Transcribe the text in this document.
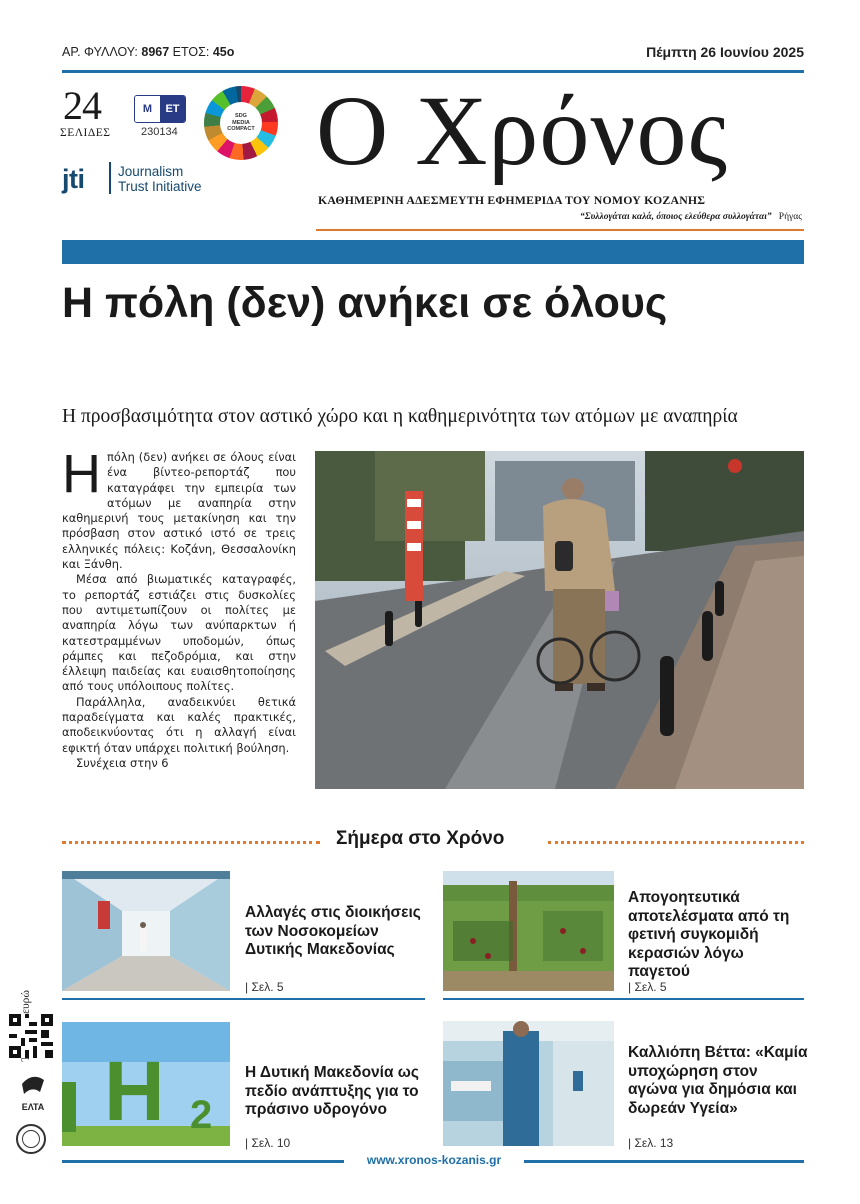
ΑΡ. ΦΥΛΛΟΥ: 8967 ΕΤΟΣ: 45ο	Πέμπτη 26 Ιουνίου 2025
24
ΣΕΛΙΔΕΣ
Μ	ΕΤ
230134
SDG
MEDIA
COMPACT
jti Journalism
Trust Initiative
Ο Χρόνος
ΚΑΘΗΜΕΡΙΝΗ ΑΔΕΣΜΕΥΤΗ ΕΦΗΜΕΡΙΔΑ ΤΟΥ ΝΟΜΟΥ ΚΟΖΑΝΗΣ
“Συλλογάται καλά, όποιος ελεύθερα συλλογάται” Ρήγας
Η πόλη (δεν) ανήκει σε όλους
Η προσβασιμότητα στον αστικό χώρο και η καθημερινότητα των ατόμων με αναπηρία

Ηπόλη (δεν) ανήκει σε όλους είναι ένα βίντεο-ρεπορτάζ που καταγράφει την εμπειρία των ατόμων με αναπηρία στην καθημερινή τους μετακίνηση και την πρόσβαση στον αστικό ιστό σε τρεις ελληνικές πόλεις: Κοζάνη, Θεσσαλονίκη και Ξάνθη.

Μέσα από βιωματικές καταγραφές, το ρεπορτάζ εστιάζει στις δυσκολίες που αντιμετωπίζουν οι πολίτες με αναπηρία λόγω των ανύπαρκτων ή κατεστραμμένων υποδομών, όπως ράμπες και πεζοδρόμια, και στην έλλειψη παιδείας και ευαισθητοποίησης από τους υπόλοιπους πολίτες.

Παράλληλα, αναδεικνύει θετικά παραδείγματα και καλές πρακτικές, αποδεικνύοντας ότι η αλλαγή είναι εφικτή όταν υπάρχει πολιτική βούληση.

Συνέχεια στην 6

Σήμερα στο Χρόνο
Αλλαγές στις διοικήσεις των Νοσοκομείων Δυτικής Μακεδονίας
| Σελ. 5
Απογοητευτικά αποτελέσματα από τη φετινή συγκομιδή κερασιών λόγω παγετού
| Σελ. 5
H 2
Η Δυτική Μακεδονία ως πεδίο ανάπτυξης για το πράσινο υδρογόνο
| Σελ. 10
Καλλιόπη Βέττα: «Καμία υποχώρηση στον αγώνα για δημόσια και δωρεάν Υγεία»
| Σελ. 13
ΕΛΤΑ
www.xronos-kozanis.gr
